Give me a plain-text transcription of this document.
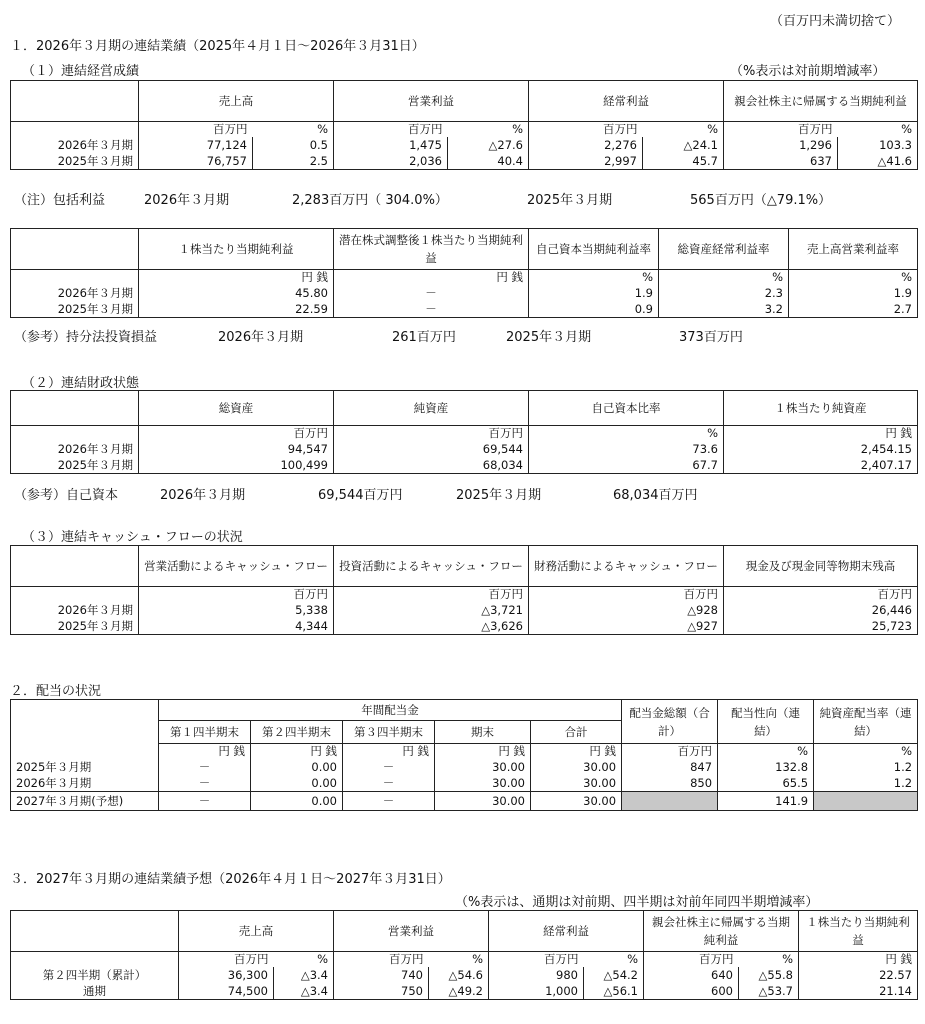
（百万円未満切捨て）
１．2026年３月期の連結業績（2025年４月１日～2026年３月31日）
（１）連結経営成績	（%表示は対前期増減率）
	売上高		営業利益		経常利益		親会社株主に帰属する当期純利益	
	百万円	%	百万円	%	百万円	%	百万円	%
2026年３月期	77,124	0.5	1,475	△27.6	2,276	△24.1	1,296	103.3
2025年３月期	76,757	2.5	2,036	40.4	2,997	45.7	637	△41.6
（注）包括利益	2026年３月期	2,283百万円（ 304.0%）	2025年３月期	565百万円（△79.1%）
	１株当たり当期純利益	潜在株式調整後１株当たり当期純利益	自己資本当期純利益率	総資産経常利益率	売上高営業利益率
	円 銭	円 銭	%	%	%
2026年３月期	45.80	－	1.9	2.3	1.9
2025年３月期	22.59	－	0.9	3.2	2.7
（参考）持分法投資損益	2026年３月期	261百万円	2025年３月期	373百万円
（２）連結財政状態
	総資産	純資産	自己資本比率	１株当たり純資産
	百万円	百万円	%	円 銭
2026年３月期	94,547	69,544	73.6	2,454.15
2025年３月期	100,499	68,034	67.7	2,407.17
（参考）自己資本	2026年３月期	69,544百万円	2025年３月期	68,034百万円
（３）連結キャッシュ・フローの状況
	営業活動によるキャッシュ・フロー	投資活動によるキャッシュ・フロー	財務活動によるキャッシュ・フロー	現金及び現金同等物期末残高
	百万円	百万円	百万円	百万円
2026年３月期	5,338	△3,721	△928	26,446
2025年３月期	4,344	△3,626	△927	25,723
２．配当の状況
	年間配当金					配当金総額（合計）	配当性向（連結）	純資産配当率（連結）
	第１四半期末	第２四半期末	第３四半期末	期末	合計			
	円 銭	円 銭	円 銭	円 銭	円 銭	百万円	%	%
2025年３月期	－	0.00	－	30.00	30.00	847	132.8	1.2
2026年３月期	－	0.00	－	30.00	30.00	850	65.5	1.2
2027年３月期(予想)	－	0.00	－	30.00	30.00		141.9	
３．2027年３月期の連結業績予想（2026年４月１日～2027年３月31日）
（%表示は、通期は対前期、四半期は対前年同四半期増減率）
	売上高		営業利益		経常利益		親会社株主に帰属する当期純利益		１株当たり当期純利益
	百万円	%	百万円	%	百万円	%	百万円	%	円 銭
第２四半期（累計）	36,300	△3.4	740	△54.6	980	△54.2	640	△55.8	22.57
通期	74,500	△3.4	750	△49.2	1,000	△56.1	600	△53.7	21.14
